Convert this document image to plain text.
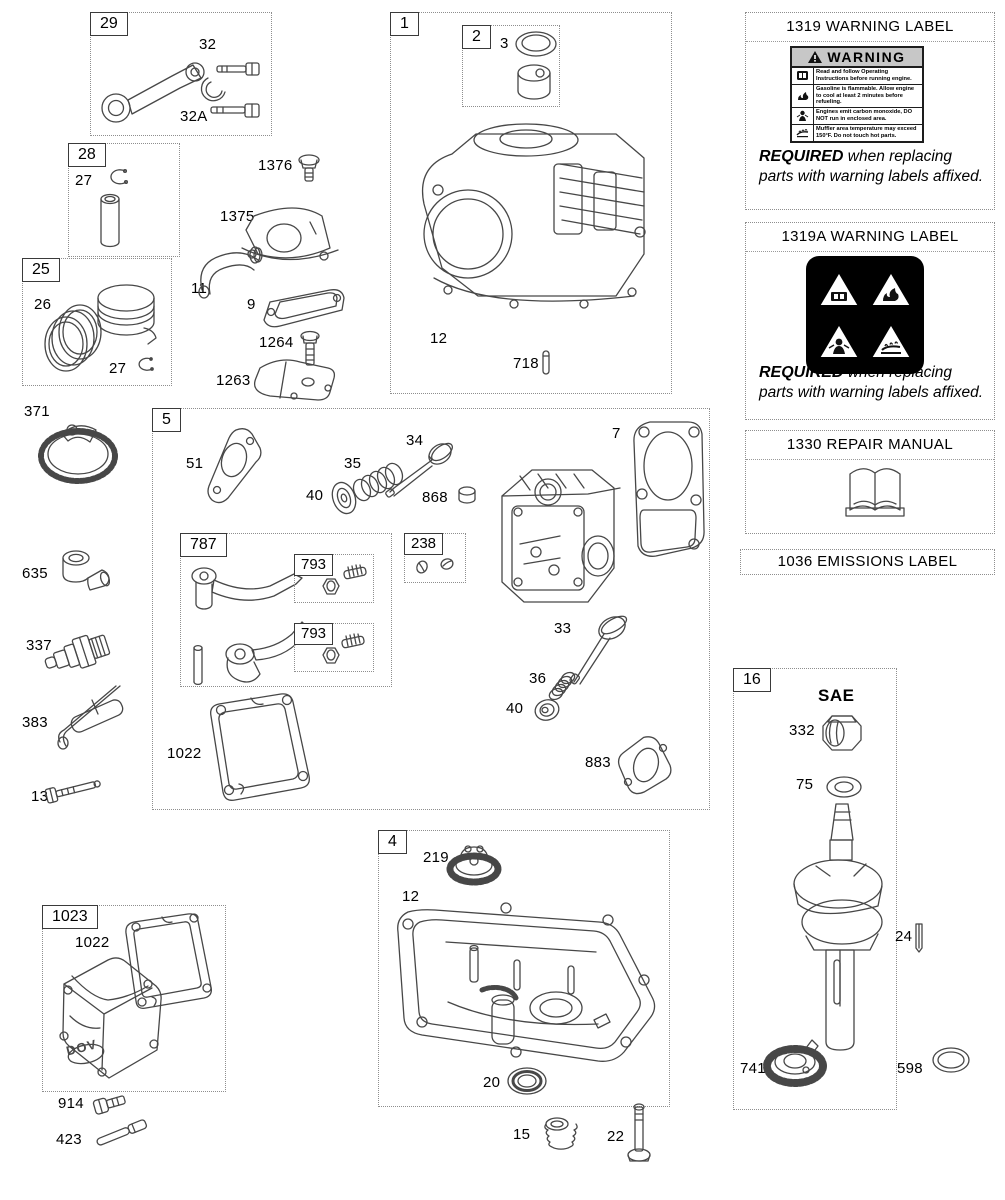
29
32
32A
28
27
25
26
27
371
1
2	3
12
718
1376
1375
11
9
1264
1263
1319 WARNING LABEL
WARNING
Read and follow Operating Instructions before running engine.
Gasoline is flammable. Allow engine to cool at least 2 minutes before refueling.
Engines emit carbon monoxide, DO NOT run in enclosed area.
Muffler area temperature may exceed 150°F. Do not touch hot parts.
REQUIRED when replacing parts with warning labels affixed.
1319A WARNING LABEL
REQUIRED when replacing parts with warning labels affixed.
1330 REPAIR MANUAL
1036 EMISSIONS LABEL
5
51	35
40
34
868
7
787
793
793
238
33
36
40
883
1022
635
337
383
13
4
219
12
20
1023
1022
DOV
914
423
16
SAE
332
75
741
24
598
15	22
